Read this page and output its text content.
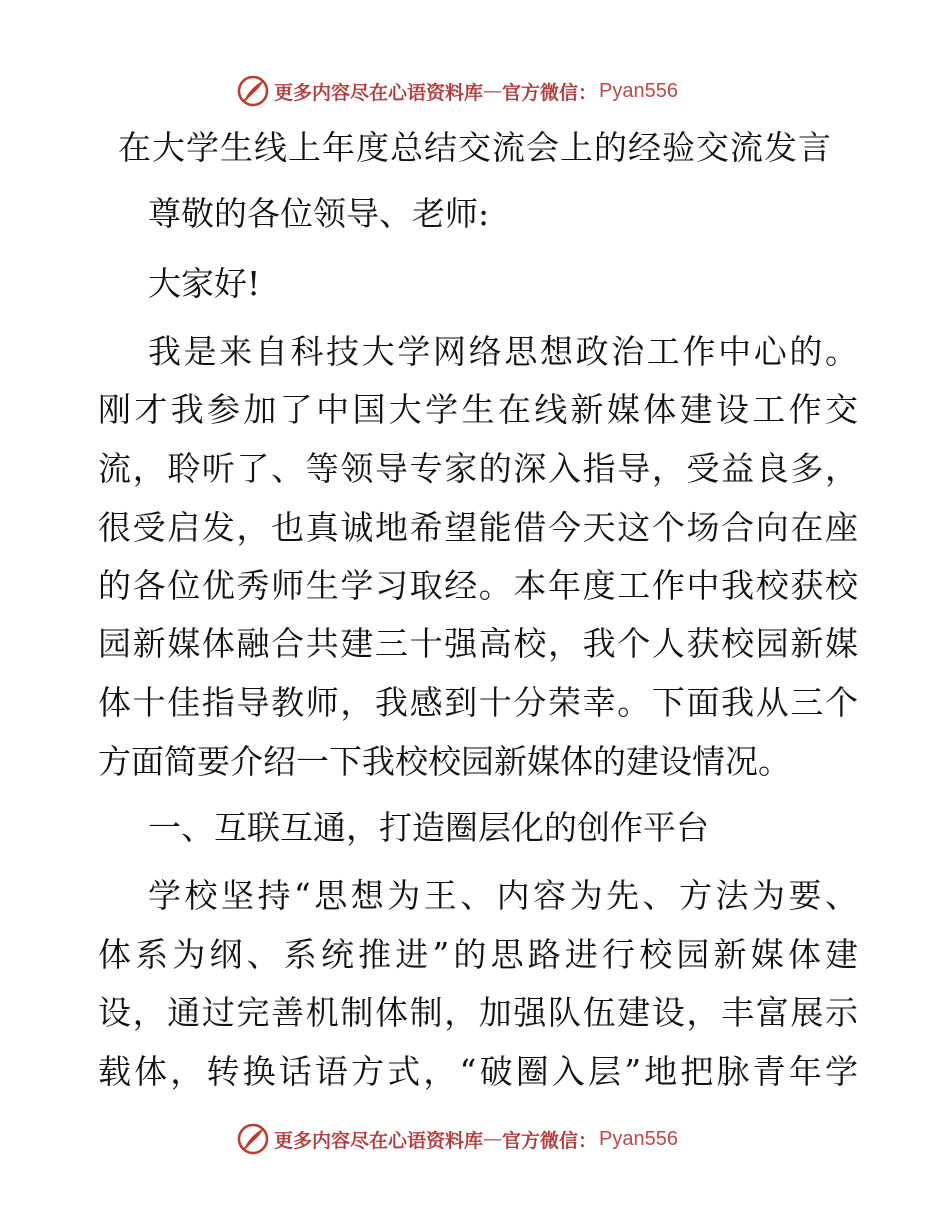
更多内容尽在心语资料库 — 官方微信： Pyan556
在大学生线上年度总结交流会上的经验交流发言
尊敬的各位领导、老师:
大家好!
我是来自科技大学网络思想政治工作中心的。
刚才我参加了中国大学生在线新媒体建设工作交
流，聆听了、等领导专家的深入指导，受益良多，
很受启发，也真诚地希望能借今天这个场合向在座
的各位优秀师生学习取经。本年度工作中我校获校
园新媒体融合共建三十强高校，我个人获校园新媒
体十佳指导教师，我感到十分荣幸。下面我从三个
方面简要介绍一下我校校园新媒体的建设情况。
一、互联互通，打造圈层化的创作平台
学校坚持“思想为王、内容为先、方法为要、
体系为纲、系统推进”的思路进行校园新媒体建
设，通过完善机制体制，加强队伍建设，丰富展示
载体，转换话语方式，“破圈入层”地把脉青年学
更多内容尽在心语资料库 — 官方微信： Pyan556
